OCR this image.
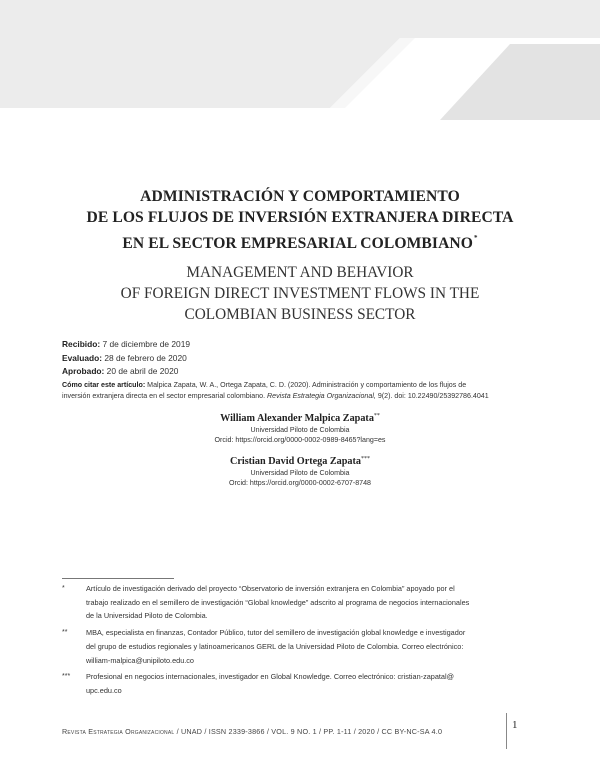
ADMINISTRACIÓN Y COMPORTAMIENTO
DE LOS FLUJOS DE INVERSIÓN EXTRANJERA DIRECTA
EN EL SECTOR EMPRESARIAL COLOMBIANO*
MANAGEMENT AND BEHAVIOR
OF FOREIGN DIRECT INVESTMENT FLOWS IN THE
COLOMBIAN BUSINESS SECTOR
Recibido: 7 de diciembre de 2019
Evaluado: 28 de febrero de 2020
Aprobado: 20 de abril de 2020
Cómo citar este artículo: Malpica Zapata, W. A., Ortega Zapata, C. D. (2020). Administración y comportamiento de los flujos de
inversión extranjera directa en el sector empresarial colombiano. Revista Estrategia Organizacional, 9(2). doi: 10.22490/25392786.4041
William Alexander Malpica Zapata**
Universidad Piloto de Colombia
Orcid: https://orcid.org/0000-0002-0989-8465?lang=es
Cristian David Ortega Zapata***
Universidad Piloto de Colombia
Orcid: https://orcid.org/0000-0002-6707-8748
*	Artículo de investigación derivado del proyecto “Observatorio de inversión extranjera en Colombia” apoyado por el
trabajo realizado en el semillero de investigación “Global knowledge” adscrito al programa de negocios internacionales
de la Universidad Piloto de Colombia.
**	MBA, especialista en finanzas, Contador Público, tutor del semillero de investigación global knowledge e investigador
del grupo de estudios regionales y latinoamericanos GERL de la Universidad Piloto de Colombia. Correo electrónico:
william-malpica@unipiloto.edu.co
*** Profesional en negocios internacionales, investigador en Global Knowledge. Correo electrónico: cristian-zapatal@
upc.edu.co
Revista Estrategia Organizacional / UNAD / ISSN 2339-3866 / VOL. 9 NO. 1 / PP. 1-11 / 2020 / CC BY-NC-SA 4.0
1
